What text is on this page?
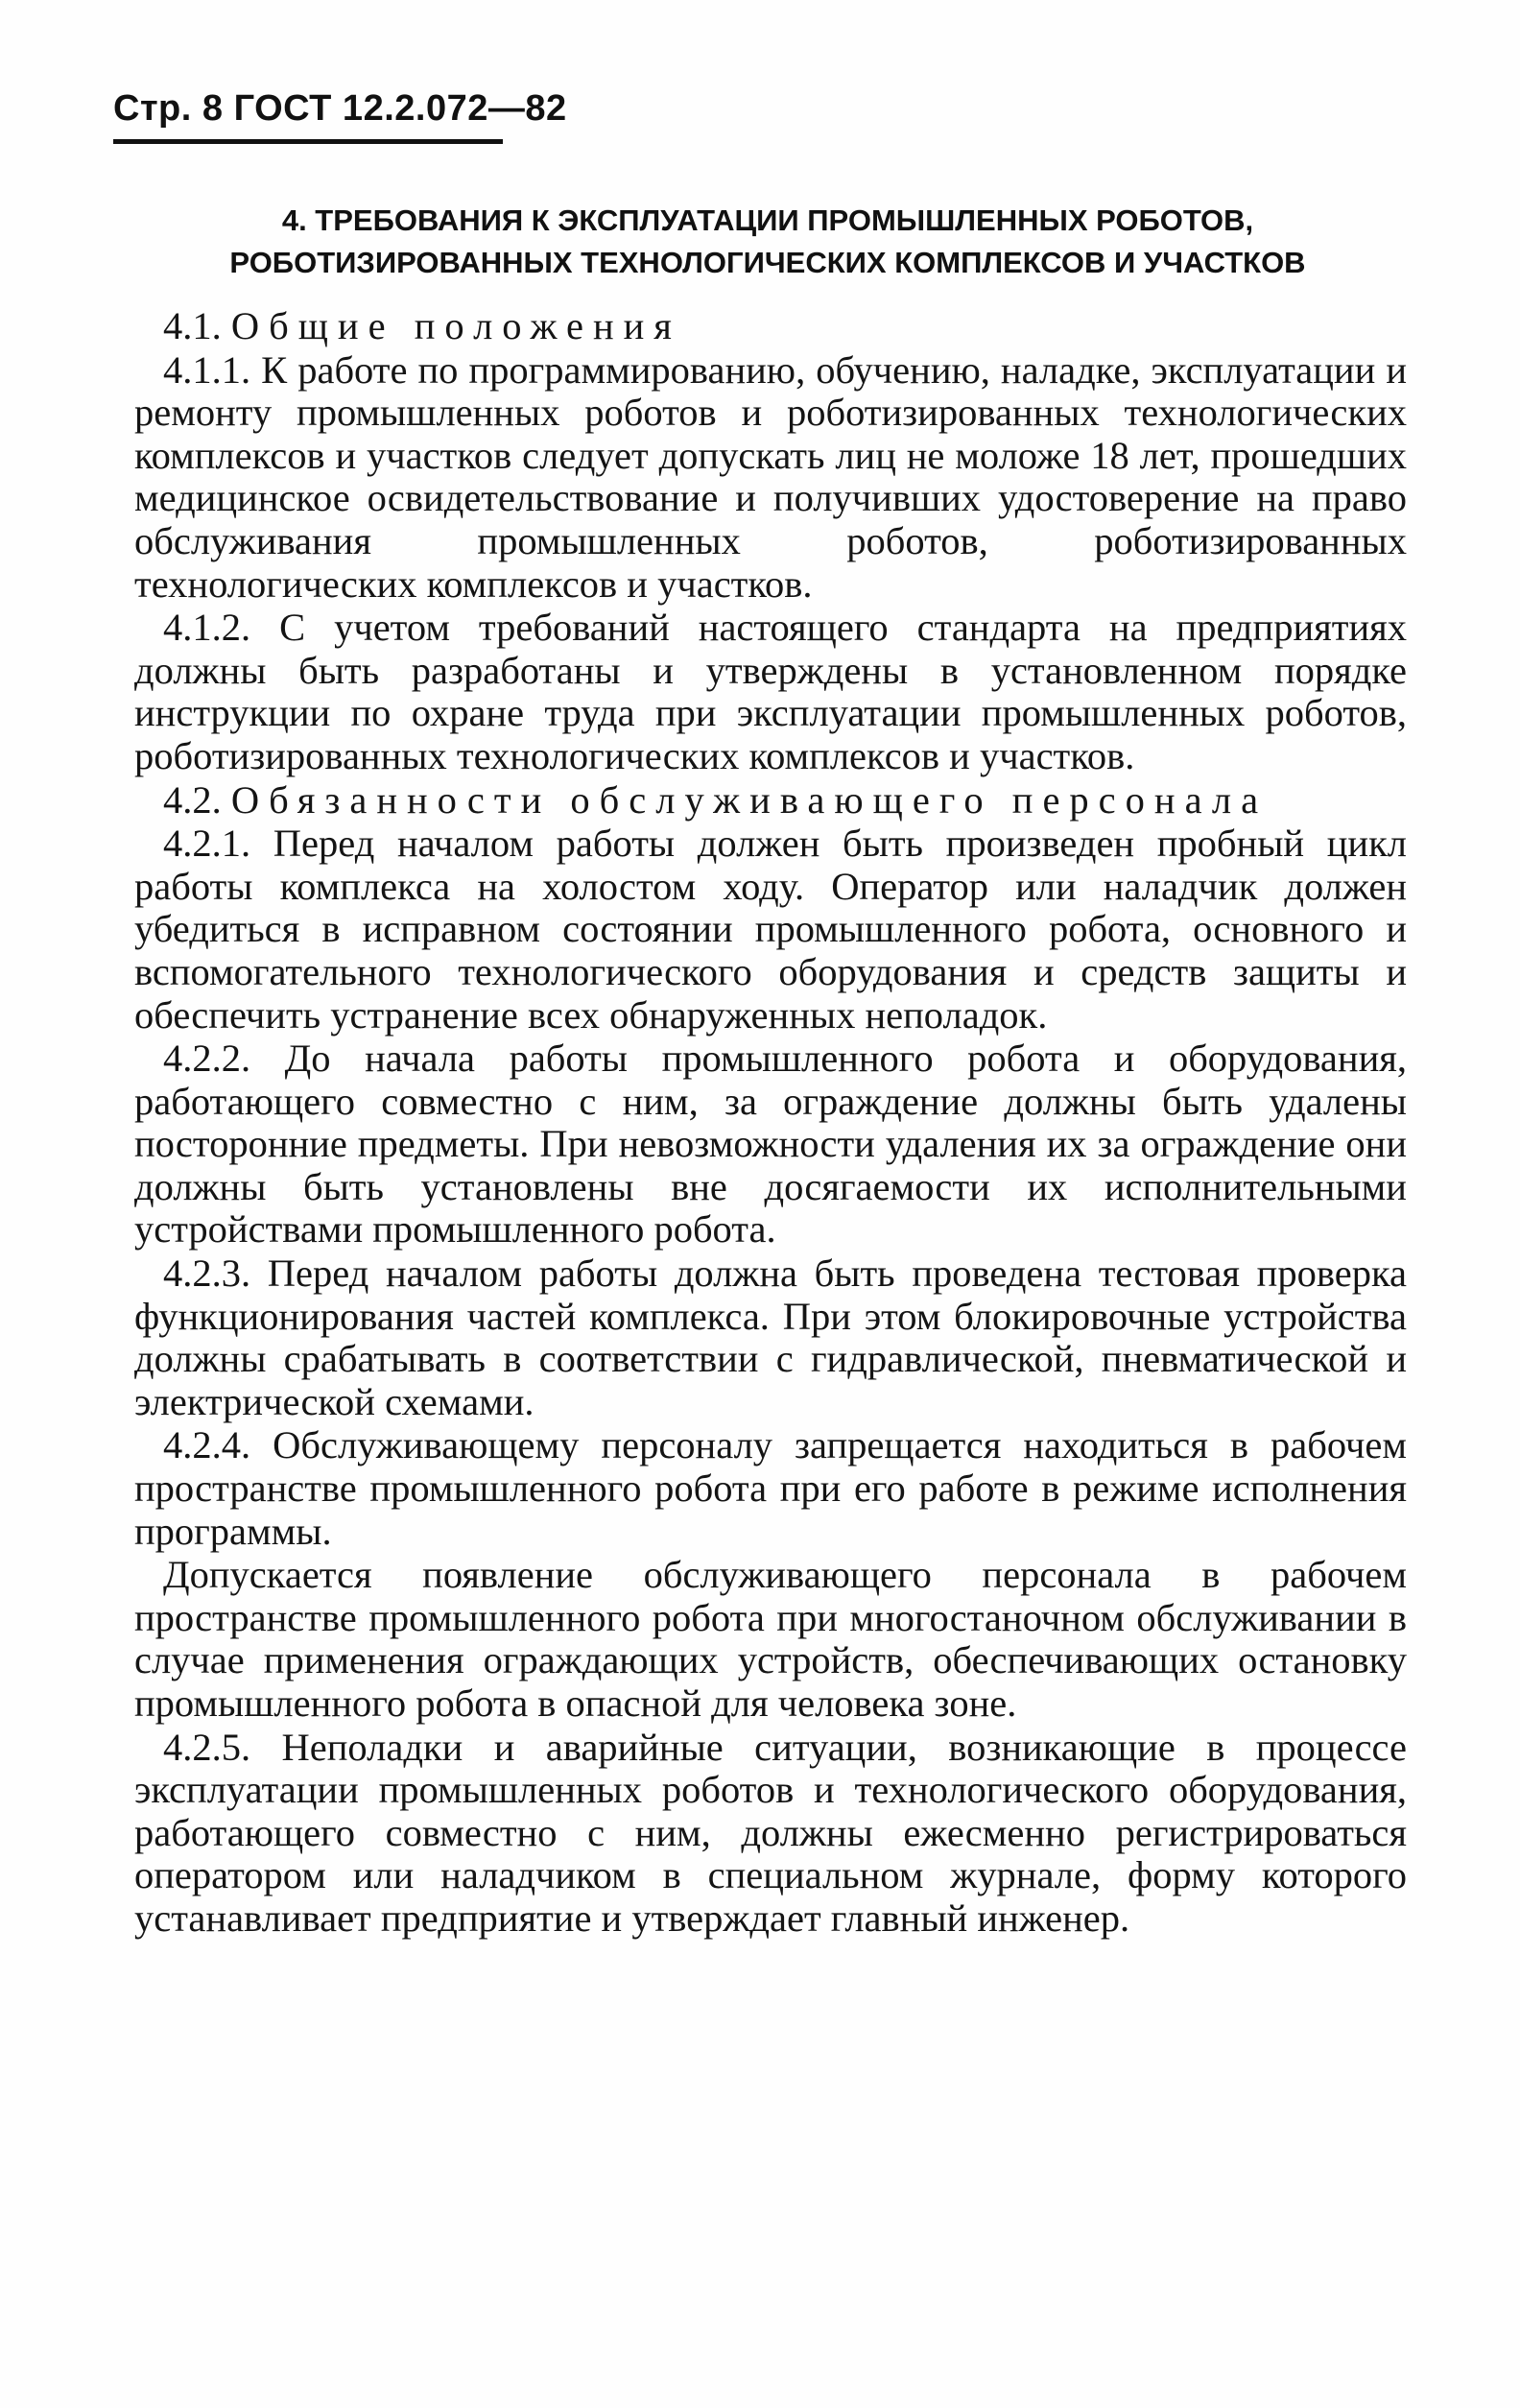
Стр. 8 ГОСТ 12.2.072—82
4. ТРЕБОВАНИЯ К ЭКСПЛУАТАЦИИ ПРОМЫШЛЕННЫХ РОБОТОВ,
РОБОТИЗИРОВАННЫХ ТЕХНОЛОГИЧЕСКИХ КОМПЛЕКСОВ И УЧАСТКОВ

4.1. Общие положения

4.1.1. К работе по программированию, обучению, наладке, эксплуатации и ремонту промышленных роботов и роботизированных технологических комплексов и участков следует допускать лиц не моложе 18 лет, прошедших медицинское освидетельствование и получивших удостоверение на право обслуживания промышленных роботов, роботизированных технологических комплексов и участков.

4.1.2. С учетом требований настоящего стандарта на предприятиях должны быть разработаны и утверждены в установленном порядке инструкции по охране труда при эксплуатации промышленных роботов, роботизированных технологических комплексов и участков.

4.2. Обязанности обслуживающего персонала

4.2.1. Перед началом работы должен быть произведен пробный цикл работы комплекса на холостом ходу. Оператор или наладчик должен убедиться в исправном состоянии промышленного робота, основного и вспомогательного технологического оборудования и средств защиты и обеспечить устранение всех обнаруженных неполадок.

4.2.2. До начала работы промышленного робота и оборудования, работающего совместно с ним, за ограждение должны быть удалены посторонние предметы. При невозможности удаления их за ограждение они должны быть установлены вне досягаемости их исполнительными устройствами промышленного робота.

4.2.3. Перед началом работы должна быть проведена тестовая проверка функционирования частей комплекса. При этом блокировочные устройства должны срабатывать в соответствии с гидравлической, пневматической и электрической схемами.

4.2.4. Обслуживающему персоналу запрещается находиться в рабочем пространстве промышленного робота при его работе в режиме исполнения программы.

Допускается появление обслуживающего персонала в рабочем пространстве промышленного робота при многостаночном обслуживании в случае применения ограждающих устройств, обеспечивающих остановку промышленного робота в опасной для человека зоне.

4.2.5. Неполадки и аварийные ситуации, возникающие в процессе эксплуатации промышленных роботов и технологического оборудования, работающего совместно с ним, должны ежесменно регистрироваться оператором или наладчиком в специальном журнале, форму которого устанавливает предприятие и утверждает главный инженер.
